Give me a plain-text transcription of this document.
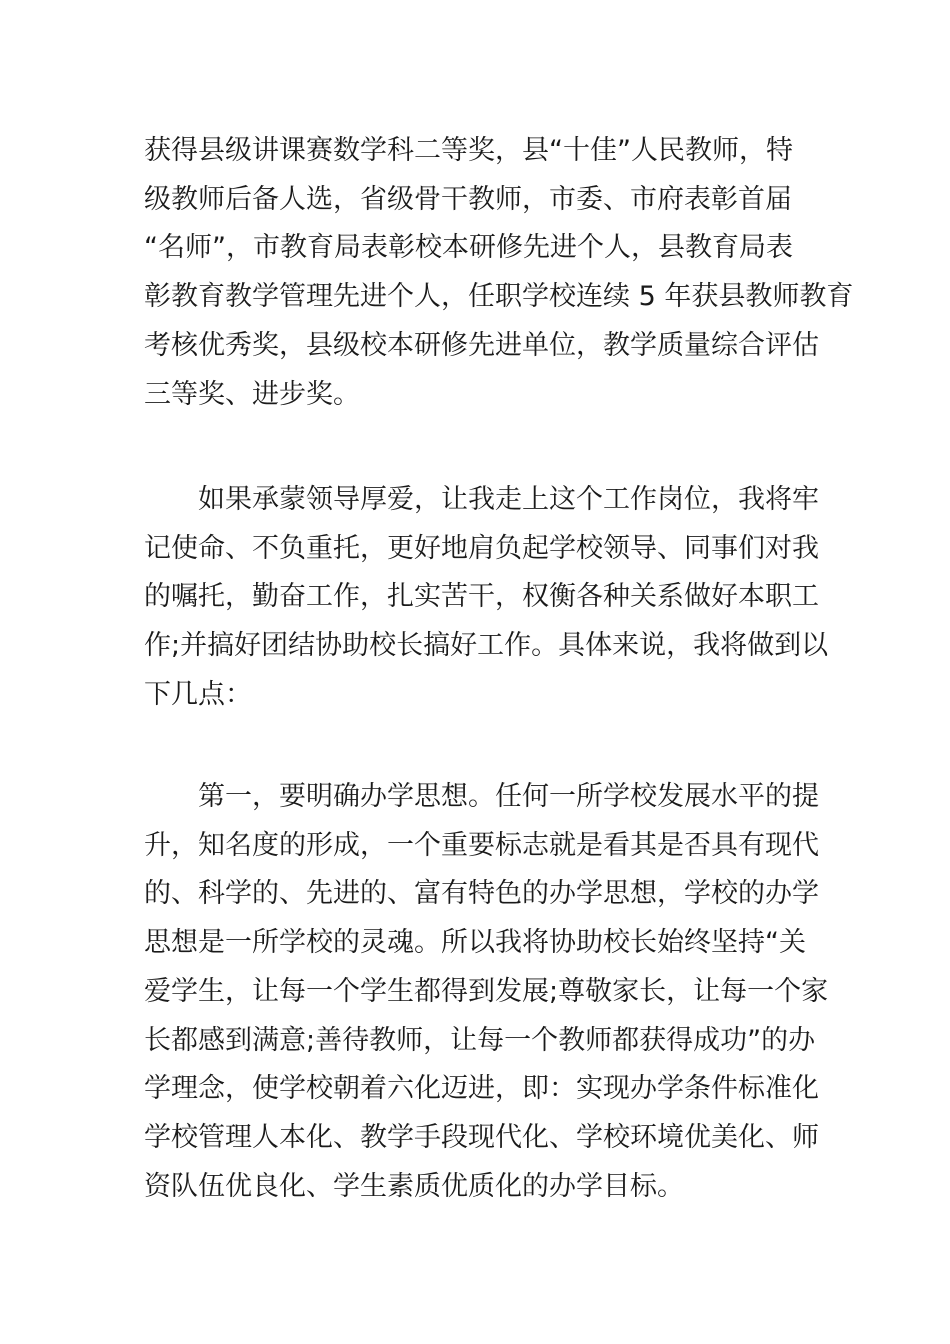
获得县级讲课赛数学科二等奖，县“十佳”人民教师，特
级教师后备人选，省级骨干教师，市委、市府表彰首届
“名师”，市教育局表彰校本研修先进个人，县教育局表
彰教育教学管理先进个人，任职学校连续 5 年获县教师教育
考核优秀奖，县级校本研修先进单位，教学质量综合评估
三等奖、进步奖。

如果承蒙领导厚爱，让我走上这个工作岗位，我将牢
记使命、不负重托，更好地肩负起学校领导、同事们对我
的嘱托，勤奋工作，扎实苦干，权衡各种关系做好本职工
作;并搞好团结协助校长搞好工作。具体来说，我将做到以
下几点：

第一，要明确办学思想。任何一所学校发展水平的提
升，知名度的形成，一个重要标志就是看其是否具有现代
的、科学的、先进的、富有特色的办学思想，学校的办学
思想是一所学校的灵魂。所以我将协助校长始终坚持“关
爱学生，让每一个学生都得到发展;尊敬家长，让每一个家
长都感到满意;善待教师，让每一个教师都获得成功”的办
学理念，使学校朝着六化迈进，即：实现办学条件标准化
学校管理人本化、教学手段现代化、学校环境优美化、师
资队伍优良化、学生素质优质化的办学目标。
